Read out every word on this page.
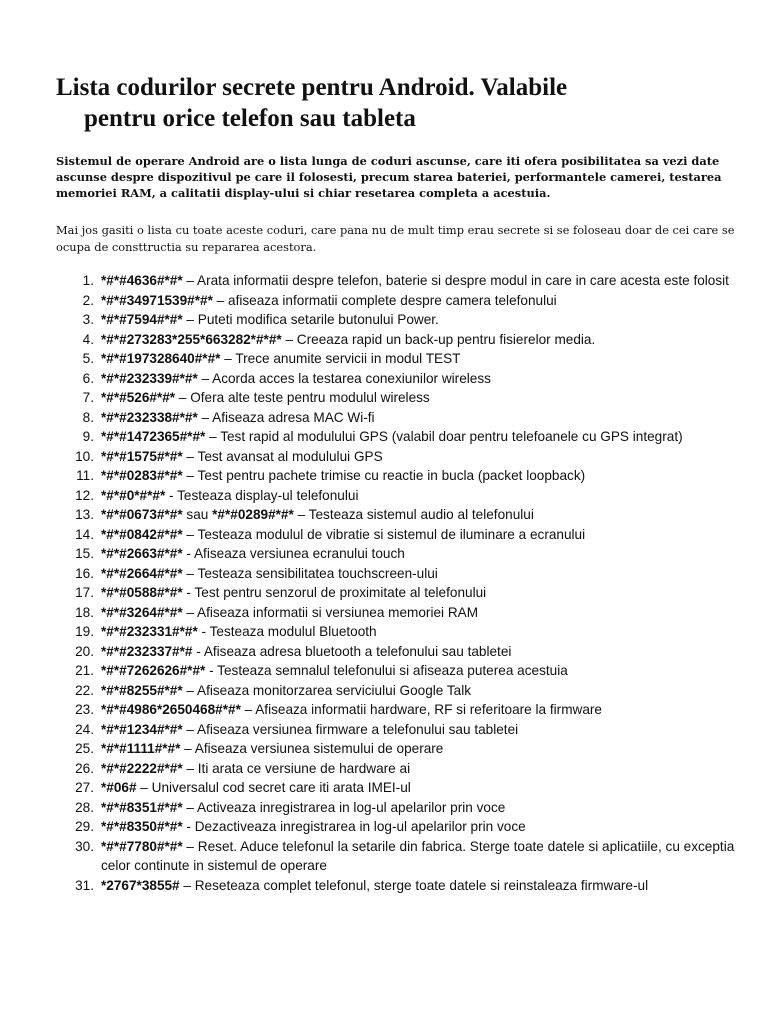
Lista codurilor secrete pentru Android. Valabile
pentru orice telefon sau tableta

Sistemul de operare Android are o lista lunga de coduri ascunse, care iti ofera posibilitatea sa vezi date ascunse despre dispozitivul pe care il folosesti, precum starea bateriei, performantele camerei, testarea memoriei RAM, a calitatii display-ului si chiar resetarea completa a acestuia.

Mai jos gasiti o lista cu toate aceste coduri, care pana nu de mult timp erau secrete si se foloseau doar de cei care se ocupa de consttructia su repararea acestora.

1. *#*#4636#*#* – Arata informatii despre telefon, baterie si despre modul in care in care acesta este folosit
2. *#*#34971539#*#* – afiseaza informatii complete despre camera telefonului
3. *#*#7594#*#* – Puteti modifica setarile butonului Power.
4. *#*#273283*255*663282*#*#* – Creeaza rapid un back-up pentru fisierelor media.
5. *#*#197328640#*#* – Trece anumite servicii in modul TEST
6. *#*#232339#*#* – Acorda acces la testarea conexiunilor wireless
7. *#*#526#*#* – Ofera alte teste pentru modulul wireless
8. *#*#232338#*#* – Afiseaza adresa MAC Wi-fi
9. *#*#1472365#*#* – Test rapid al modulului GPS (valabil doar pentru telefoanele cu GPS integrat)
10. *#*#1575#*#* – Test avansat al modulului GPS
11. *#*#0283#*#* – Test pentru pachete trimise cu reactie in bucla (packet loopback)
12. *#*#0*#*#* - Testeaza display-ul telefonului
13. *#*#0673#*#* sau *#*#0289#*#* – Testeaza sistemul audio al telefonului
14. *#*#0842#*#* – Testeaza modulul de vibratie si sistemul de iluminare a ecranului
15. *#*#2663#*#* - Afiseaza versiunea ecranului touch
16. *#*#2664#*#* – Testeaza sensibilitatea touchscreen-ului
17. *#*#0588#*#* - Test pentru senzorul de proximitate al telefonului
18. *#*#3264#*#* – Afiseaza informatii si versiunea memoriei RAM
19. *#*#232331#*#* - Testeaza modulul Bluetooth
20. *#*#232337#*# - Afiseaza adresa bluetooth a telefonului sau tabletei
21. *#*#7262626#*#* - Testeaza semnalul telefonului si afiseaza puterea acestuia
22. *#*#8255#*#* – Afiseaza monitorzarea serviciului Google Talk
23. *#*#4986*2650468#*#* – Afiseaza informatii hardware, RF si referitoare la firmware
24. *#*#1234#*#* – Afiseaza versiunea firmware a telefonului sau tabletei
25. *#*#1111#*#* – Afiseaza versiunea sistemului de operare
26. *#*#2222#*#* – Iti arata ce versiune de hardware ai
27. *#06# – Universalul cod secret care iti arata IMEI-ul
28. *#*#8351#*#* – Activeaza inregistrarea in log-ul apelarilor prin voce
29. *#*#8350#*#* - Dezactiveaza inregistrarea in log-ul apelarilor prin voce
30. *#*#7780#*#* – Reset. Aduce telefonul la setarile din fabrica. Sterge toate datele si aplicatiile, cu exceptia celor continute in sistemul de operare
31. *2767*3855# – Reseteaza complet telefonul, sterge toate datele si reinstaleaza firmware-ul
